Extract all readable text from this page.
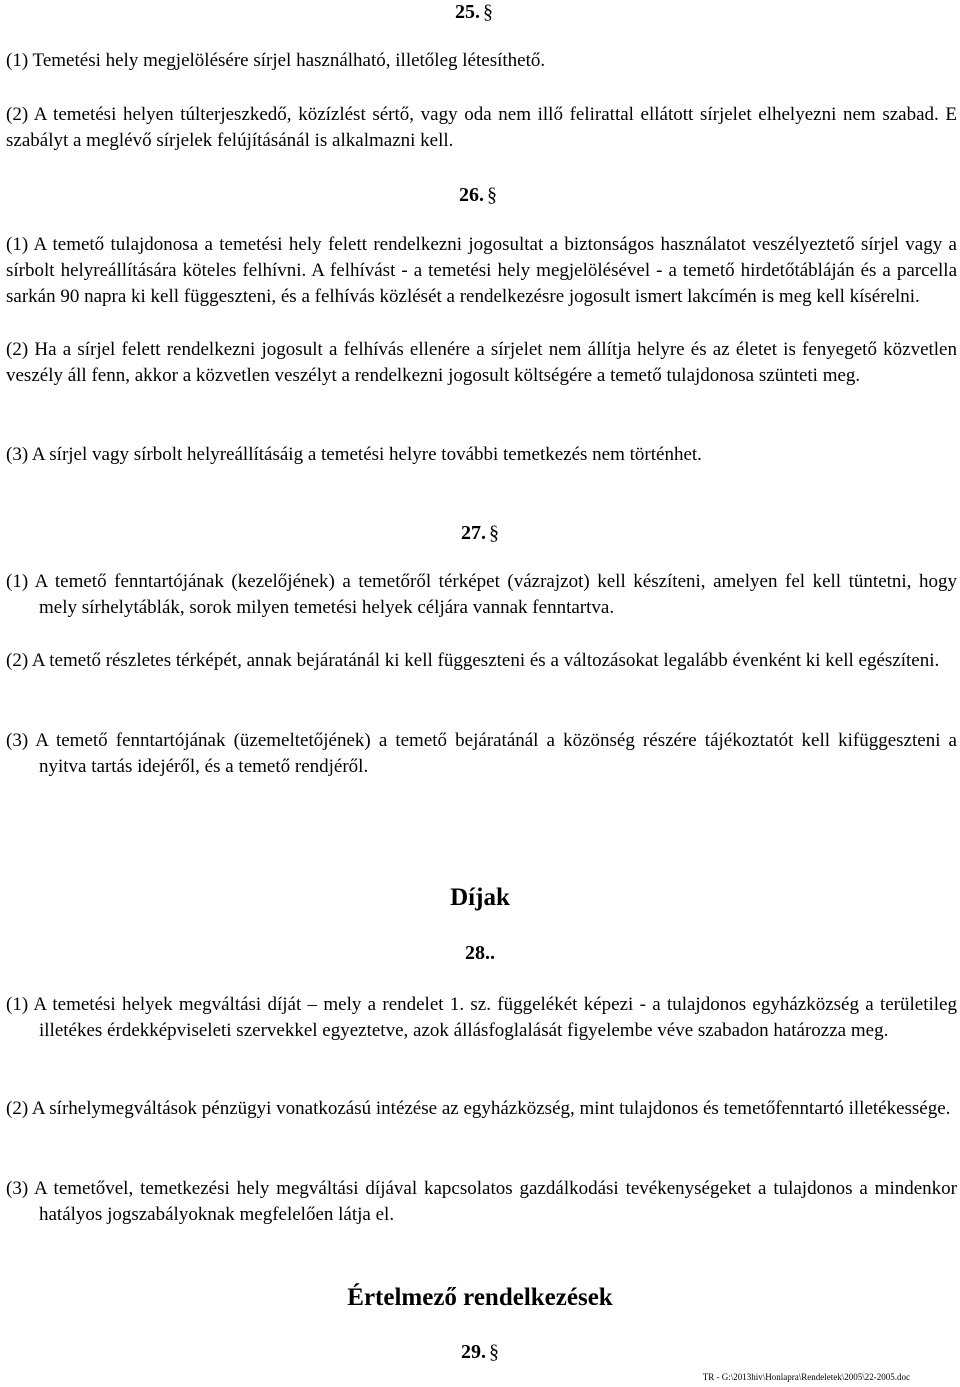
25. §

(1) Temetési hely megjelölésére sírjel használható, illetőleg létesíthető.

(2) A temetési helyen túlterjeszkedő, közízlést sértő, vagy oda nem illő felirattal ellátott sírjelet elhelyezni nem szabad. E szabályt a meglévő sírjelek felújításánál is alkalmazni kell.

26. §

(1) A temető tulajdonosa a temetési hely felett rendelkezni jogosultat a biztonságos használatot veszélyeztető sírjel vagy a sírbolt helyreállítására köteles felhívni. A felhívást - a temetési hely megjelölésével - a temető hirdetőtábláján és a parcella sarkán 90 napra ki kell függeszteni, és a felhívás közlését a rendelkezésre jogosult ismert lakcímén is meg kell kísérelni.

(2) Ha a sírjel felett rendelkezni jogosult a felhívás ellenére a sírjelet nem állítja helyre és az életet is fenyegető közvetlen veszély áll fenn, akkor a közvetlen veszélyt a rendelkezni jogosult költségére a temető tulajdonosa szünteti meg.

(3) A sírjel vagy sírbolt helyreállításáig a temetési helyre további temetkezés nem történhet.

27. §

(1) A temető fenntartójának (kezelőjének) a temetőről térképet (vázrajzot) kell készíteni, amelyen fel kell tüntetni, hogy mely sírhelytáblák, sorok milyen temetési helyek céljára vannak fenntartva.

(2) A temető részletes térképét, annak bejáratánál ki kell függeszteni és a változásokat legalább évenként ki kell egészíteni.

(3) A temető fenntartójának (üzemeltetőjének) a temető bejáratánál a közönség részére tájékoztatót kell kifüggeszteni a nyitva tartás idejéről, és a temető rendjéről.

Díjak
28..

(1) A temetési helyek megváltási díját – mely a rendelet 1. sz. függelékét képezi - a tulajdonos egyházközség a területileg illetékes érdekképviseleti szervekkel egyeztetve, azok állásfoglalását figyelembe véve szabadon határozza meg.

(2) A sírhelymegváltások pénzügyi vonatkozású intézése az egyházközség, mint tulajdonos és temetőfenntartó illetékessége.

(3) A temetővel, temetkezési hely megváltási díjával kapcsolatos gazdálkodási tevékenységeket a tulajdonos a mindenkor hatályos jogszabályoknak megfelelően látja el.

Értelmező rendelkezések
29. §
TR - G:\2013hiv\Honlapra\Rendeletek\2005\22-2005.doc
